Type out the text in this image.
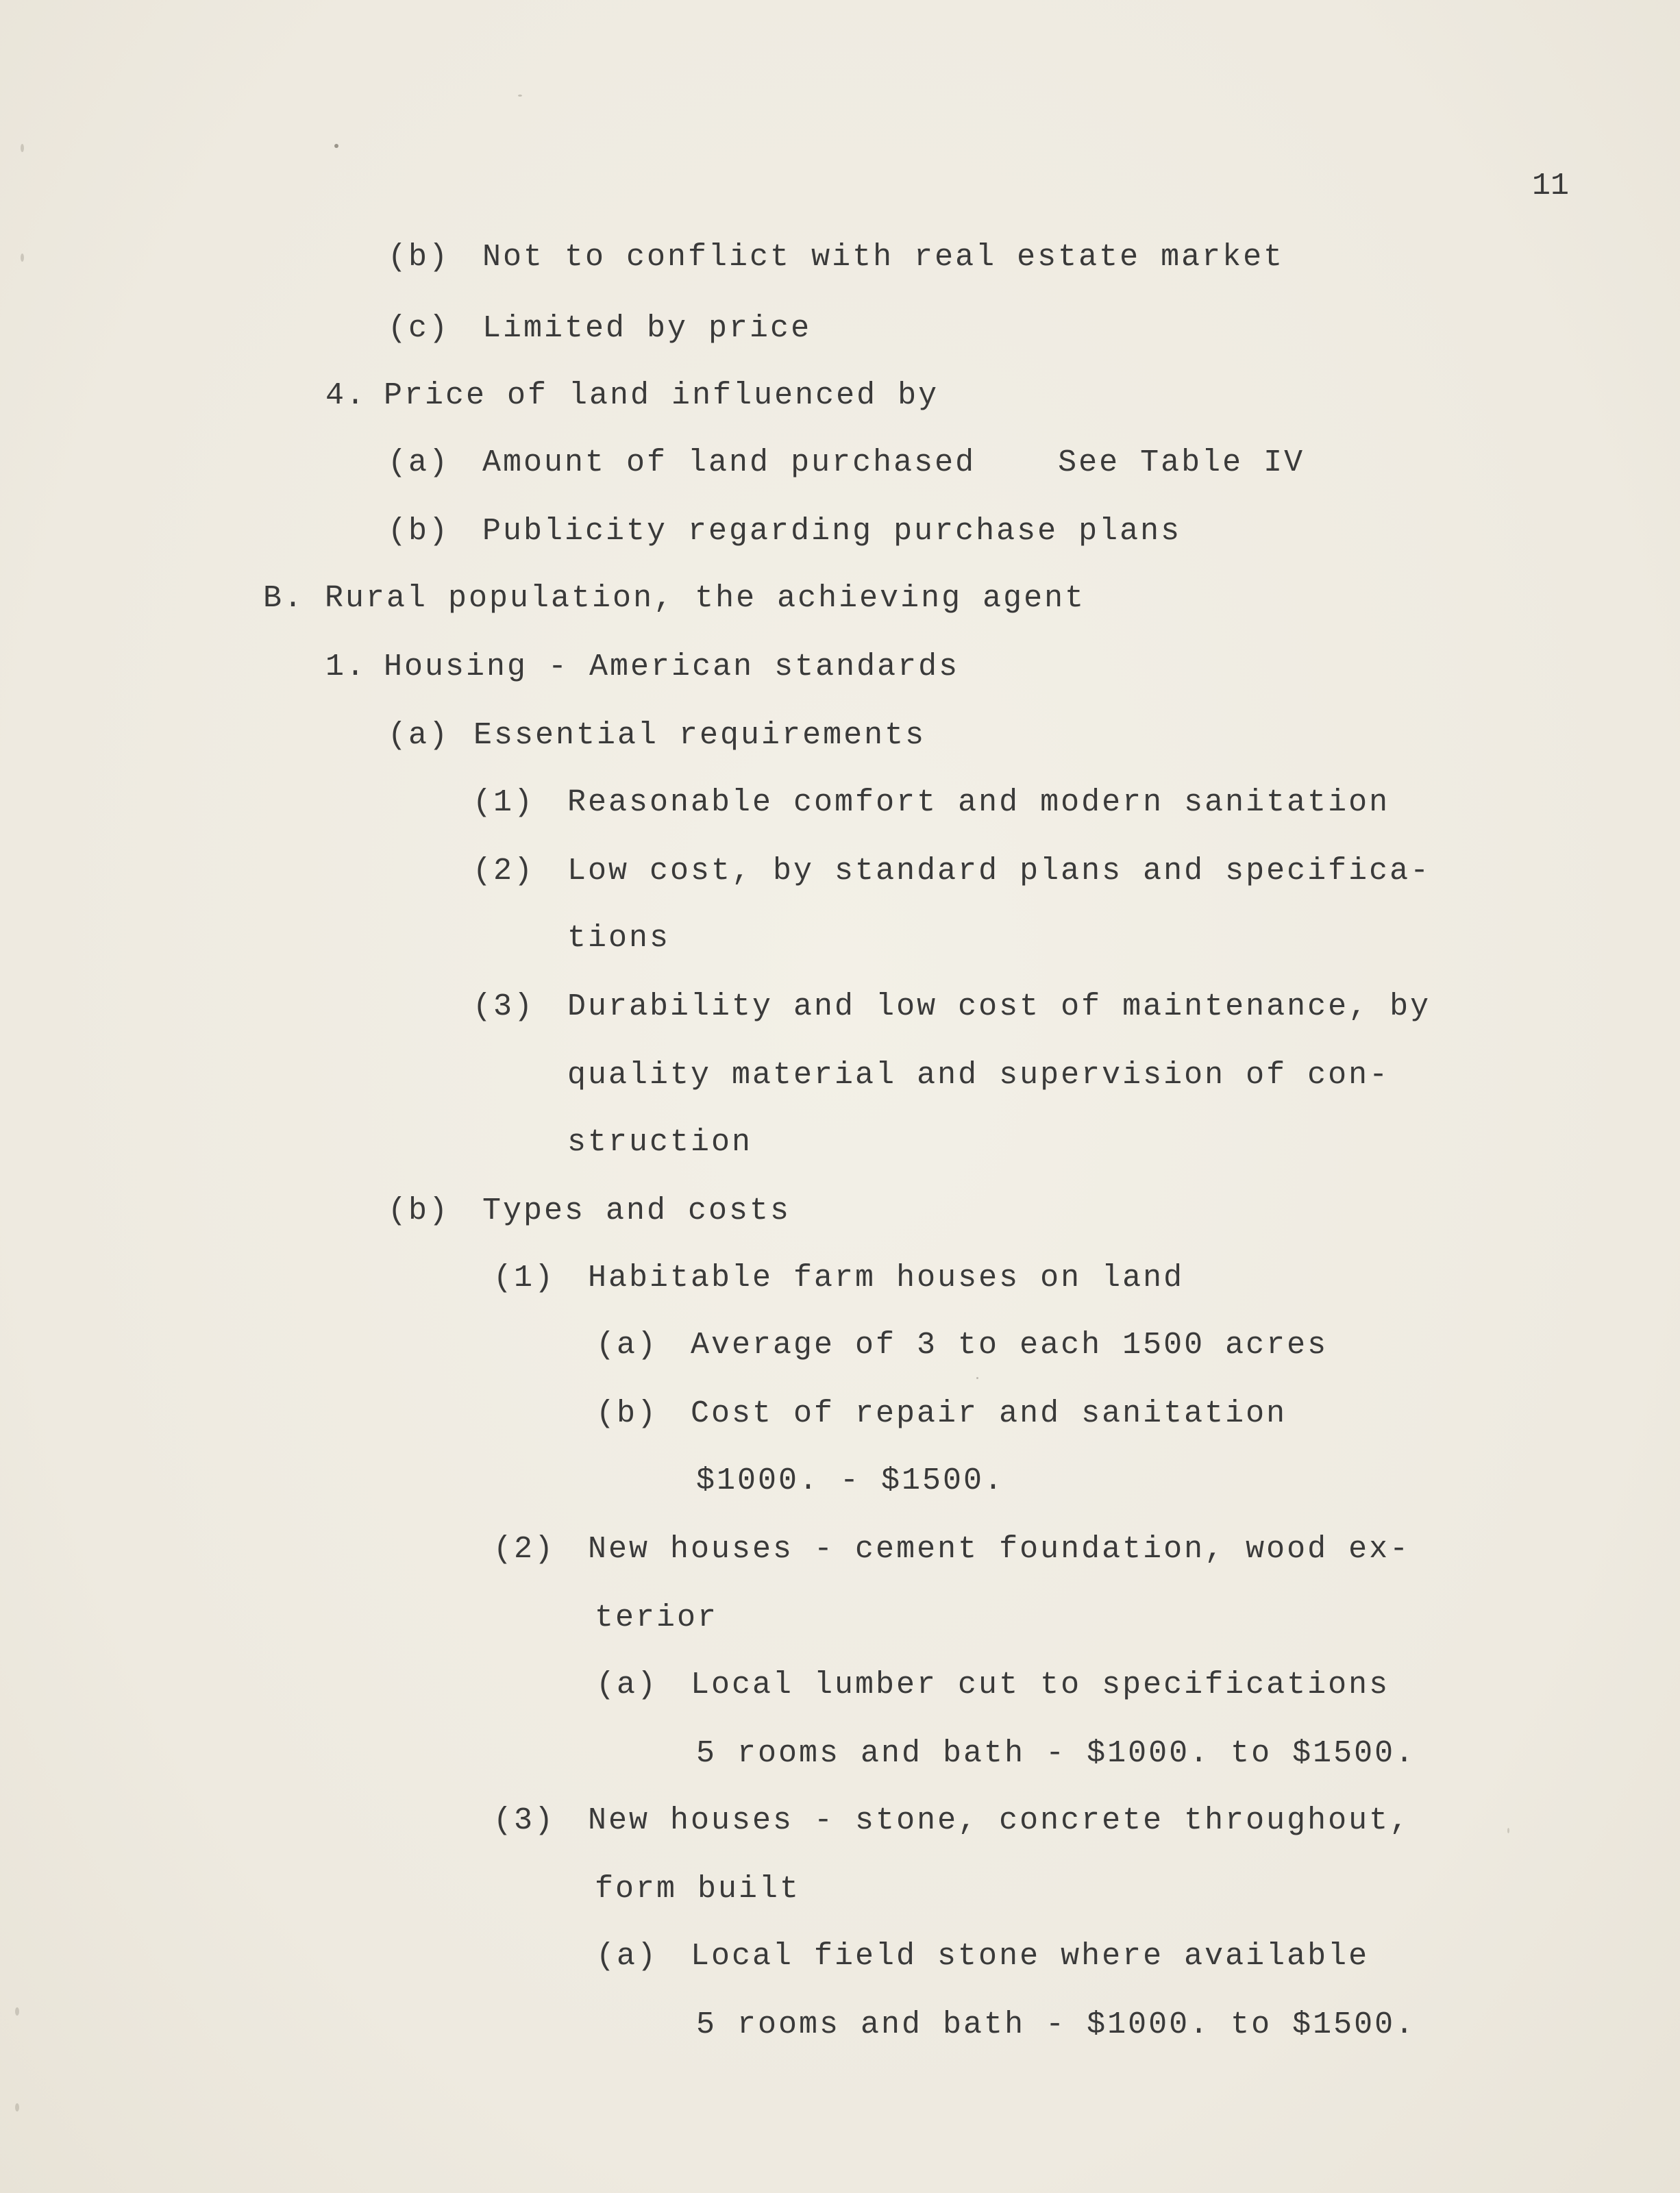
11
(b) Not to conflict with real estate market
(c) Limited by price
4. Price of land influenced by
(a) Amount of land purchased    See Table IV
(b) Publicity regarding purchase plans
B. Rural population, the achieving agent
1. Housing - American standards
(a) Essential requirements
(1) Reasonable comfort and modern sanitation
(2) Low cost, by standard plans and specifica-
tions
(3) Durability and low cost of maintenance, by
quality material and supervision of con-
struction
(b) Types and costs
(1) Habitable farm houses on land
(a) Average of 3 to each 1500 acres
(b) Cost of repair and sanitation
$1000. - $1500.
(2) New houses - cement foundation, wood ex-
terior
(a) Local lumber cut to specifications
5 rooms and bath - $1000. to $1500.
(3) New houses - stone, concrete throughout,
form built
(a) Local field stone where available
5 rooms and bath - $1000. to $1500.
